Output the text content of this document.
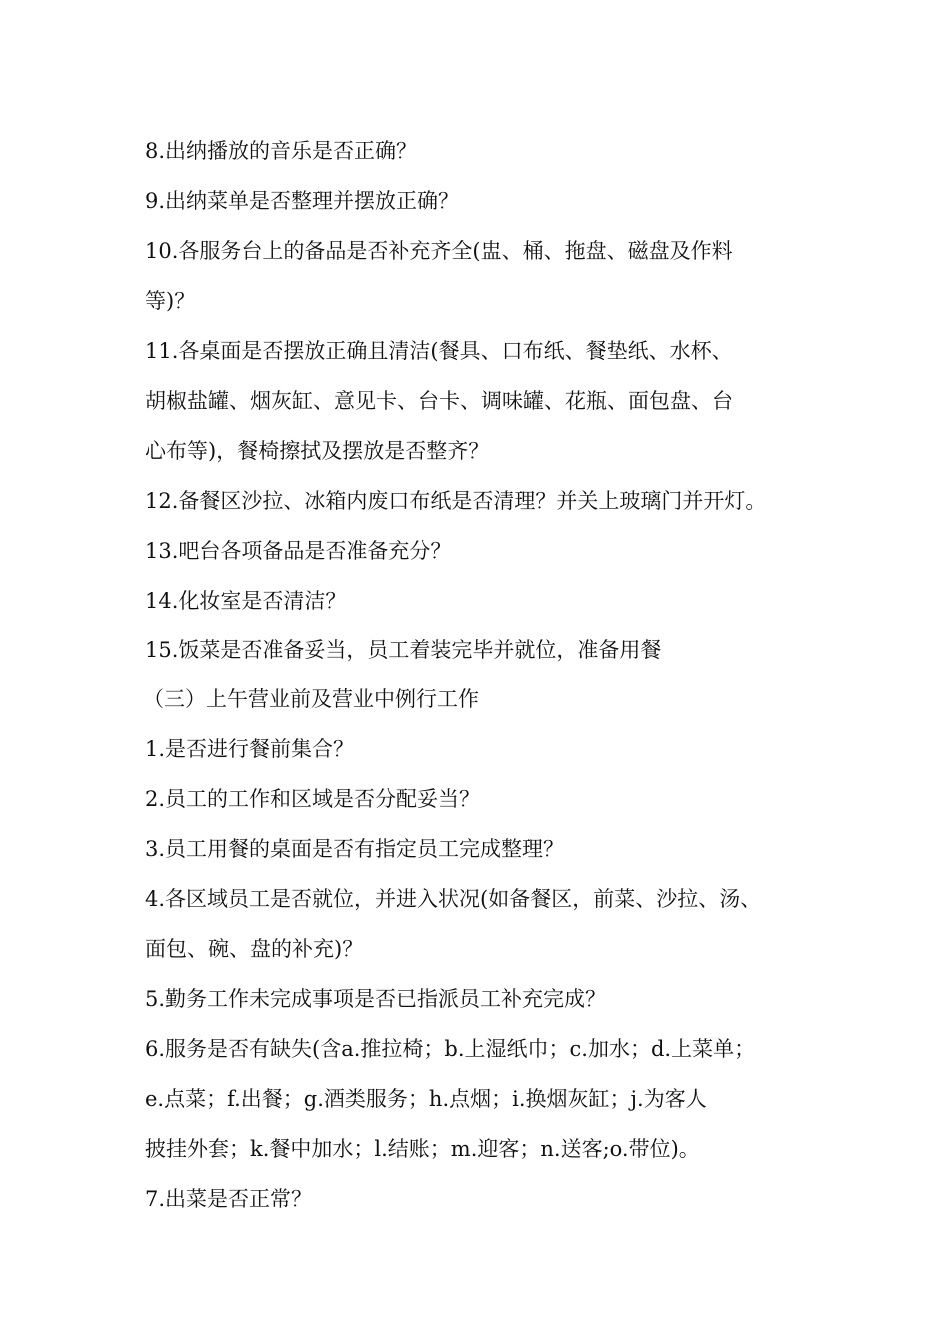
8.出纳播放的音乐是否正确？
9.出纳菜单是否整理并摆放正确？
10.各服务台上的备品是否补充齐全(盅、桶、拖盘、磁盘及作料
等)？
11.各桌面是否摆放正确且清洁(餐具、口布纸、餐垫纸、水杯、
胡椒盐罐、烟灰缸、意见卡、台卡、调味罐、花瓶、面包盘、台
心布等)，餐椅擦拭及摆放是否整齐？
12.备餐区沙拉、冰箱内废口布纸是否清理？并关上玻璃门并开灯。
13.吧台各项备品是否准备充分？
14.化妆室是否清洁？
15.饭菜是否准备妥当，员工着装完毕并就位，准备用餐
（三）上午营业前及营业中例行工作
1.是否进行餐前集合？
2.员工的工作和区域是否分配妥当？
3.员工用餐的桌面是否有指定员工完成整理？
4.各区域员工是否就位，并进入状况(如备餐区，前菜、沙拉、汤、
面包、碗、盘的补充)？
5.勤务工作未完成事项是否已指派员工补充完成？
6.服务是否有缺失(含a.推拉椅；b.上湿纸巾；c.加水；d.上菜单；
e.点菜；f.出餐；g.酒类服务；h.点烟；i.换烟灰缸；j.为客人
披挂外套；k.餐中加水；l.结账；m.迎客；n.送客;o.带位)。
7.出菜是否正常？
